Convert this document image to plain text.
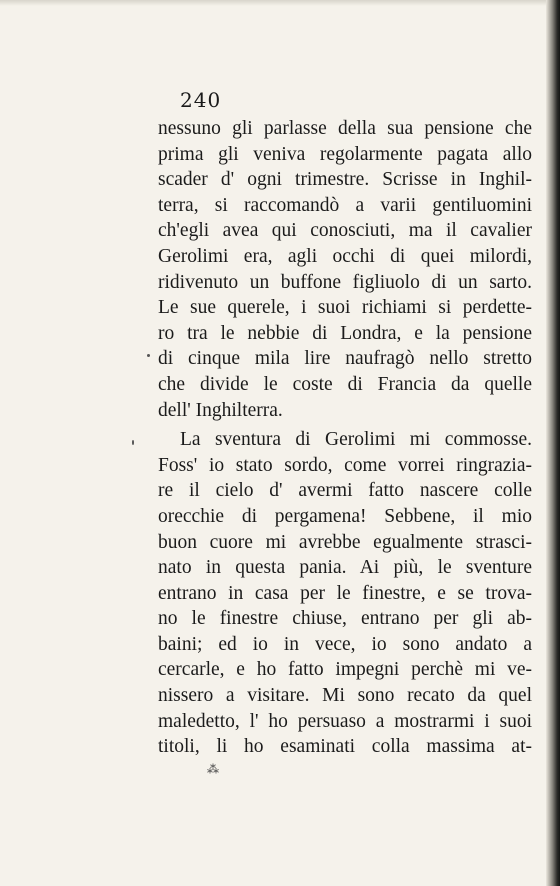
240
nessuno gli parlasse della sua pensione che
prima gli veniva regolarmente pagata allo
scader d' ogni trimestre. Scrisse in Inghil-
terra, si raccomandò a varii gentiluomini
ch'egli avea qui conosciuti, ma il cavalier
Gerolimi era, agli occhi di quei milordi,
ridivenuto un buffone figliuolo di un sarto.
Le sue querele, i suoi richiami si perdette-
ro tra le nebbie di Londra, e la pensione
di cinque mila lire naufragò nello stretto
che divide le coste di Francia da quelle
dell' Inghilterra.
La sventura di Gerolimi mi commosse.
Foss' io stato sordo, come vorrei ringrazia-
re il cielo d' avermi fatto nascere colle
orecchie di pergamena! Sebbene, il mio
buon cuore mi avrebbe egualmente strasci-
nato in questa pania. Ai più, le sventure
entrano in casa per le finestre, e se trova-
no le finestre chiuse, entrano per gli ab-
baini; ed io in vece, io sono andato a
cercarle, e ho fatto impegni perchè mi ve-
nissero a visitare. Mi sono recato da quel
maledetto, l' ho persuaso a mostrarmi i suoi
titoli, li ho esaminati colla massima at-
⁂
